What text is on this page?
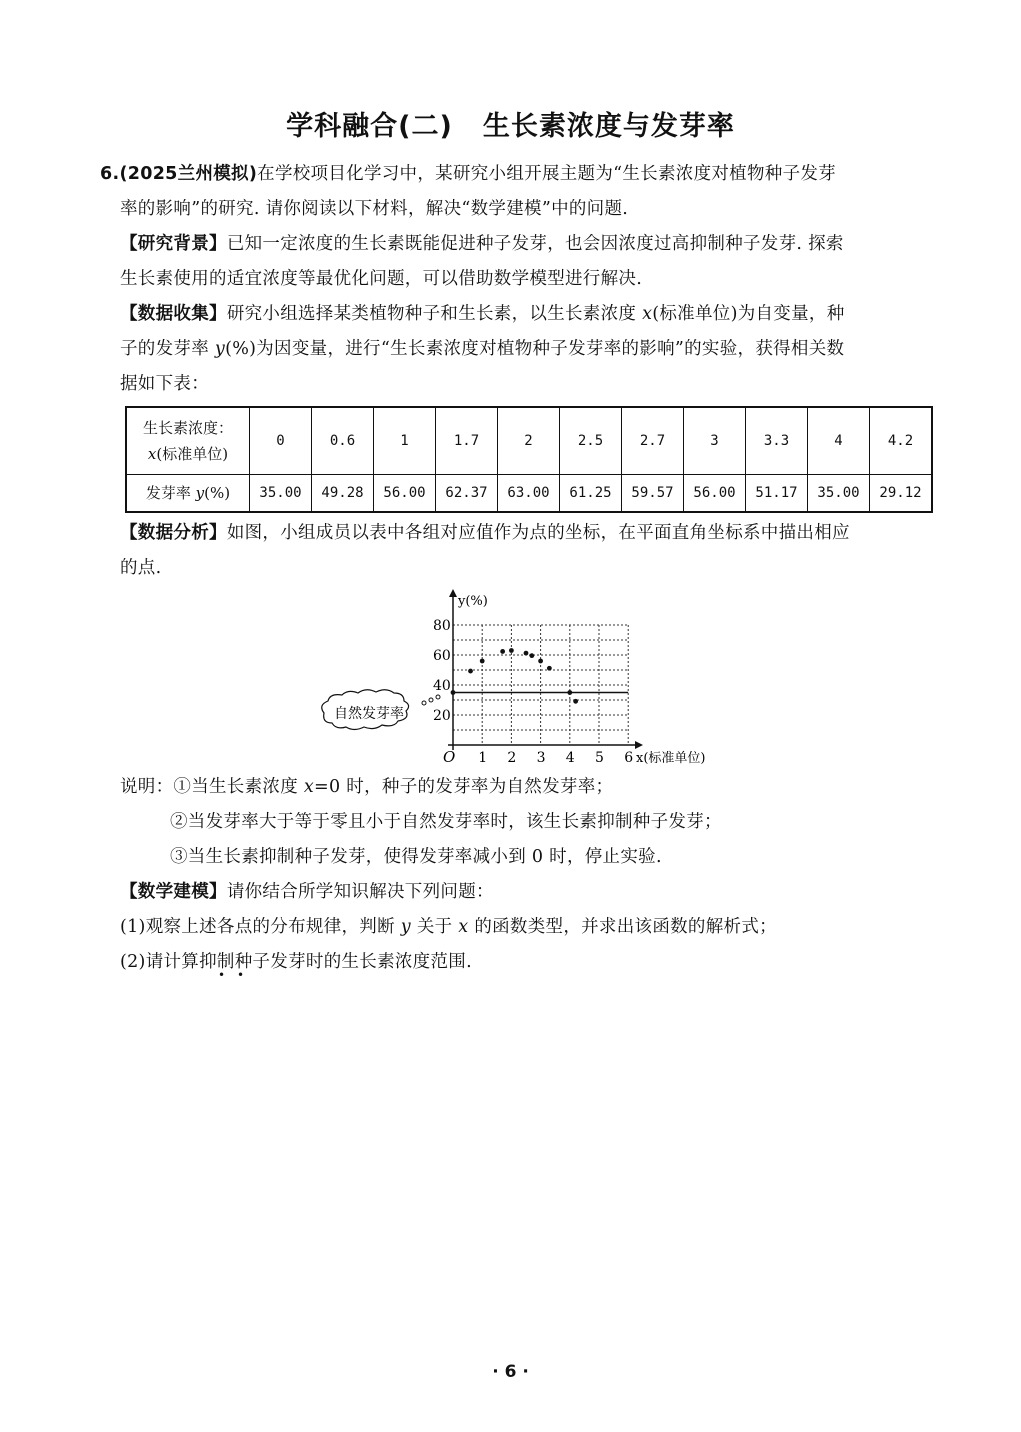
学科融合(二) 生长素浓度与发芽率
6.(2025兰州模拟)在学校项目化学习中，某研究小组开展主题为“生长素浓度对植物种子发芽

率的影响”的研究. 请你阅读以下材料，解决“数学建模”中的问题.
【研究背景】已知一定浓度的生长素既能促进种子发芽，也会因浓度过高抑制种子发芽. 探索

生长素使用的适宜浓度等最优化问题，可以借助数学模型进行解决.
【数据收集】研究小组选择某类植物种子和生长素，以生长素浓度 x(标准单位)为自变量，种

子的发芽率 y(%)为因变量，进行“生长素浓度对植物种子发芽率的影响”的实验，获得相关数
据如下表：
生长素浓度：
x(标准单位)	0	0.6	1	1.7	2	2.5	2.7	3	3.3	4	4.2
发芽率 y(%)	35.00	49.28	56.00	62.37	63.00	61.25	59.57	56.00	51.17	35.00	29.12
【数据分析】如图，小组成员以表中各组对应值作为点的坐标，在平面直角坐标系中描出相应

的点.
1 2 3 4 5 6
20
40
60
80
O
y(%)
x(标准单位)
自然发芽率
说明：①当生长素浓度 x=0 时，种子的发芽率为自然发芽率；

②当发芽率大于等于零且小于自然发芽率时，该生长素抑制种子发芽；
③当生长素抑制种子发芽，使得发芽率减小到 0 时，停止实验.
【数学建模】请你结合所学知识解决下列问题：

(1)观察上述各点的分布规律，判断 y 关于 x 的函数类型，并求出该函数的解析式；
(2)请计算抑制种子发芽时的生长素浓度范围.
• •
· 6 ·
